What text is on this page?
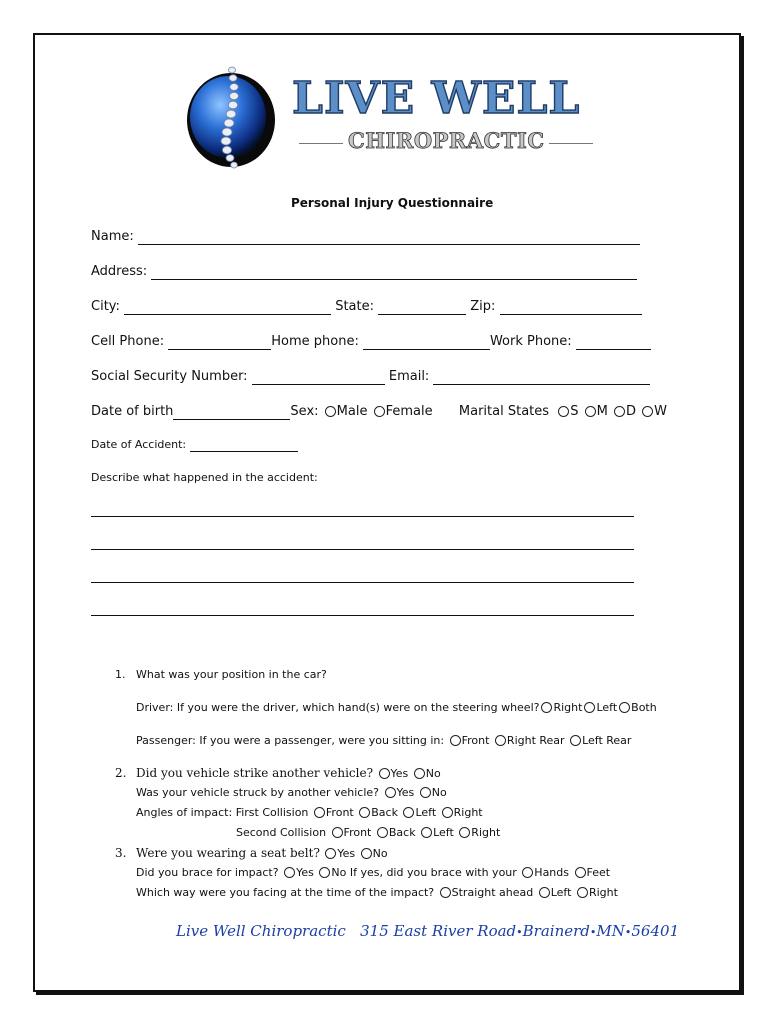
LIVE WELL
CHIROPRACTIC
Personal Injury Questionnaire
Name:
Address:
City:	State:	Zip:
Cell Phone:	Home phone:	Work Phone:
Social Security Number:	Email:
Date of birth	Sex: Male Female Marital States S M D W
Date of Accident:
Describe what happened in the accident:
1. What was your position in the car?
Driver: If you were the driver, which hand(s) were on the steering wheel? Right Left Both
Passenger: If you were a passenger, were you sitting in: Front Right Rear Left Rear
2. Did you vehicle strike another vehicle? Yes No
Was your vehicle struck by another vehicle? Yes No
Angles of impact: First Collision Front Back Left Right
Second Collision Front Back Left Right
3. Were you wearing a seat belt? Yes No
Did you brace for impact? Yes No If yes, did you brace with your Hands Feet
Which way were you facing at the time of the impact? Straight ahead Left Right
Live Well Chiropractic 315 East River Road•Brainerd•MN•56401
